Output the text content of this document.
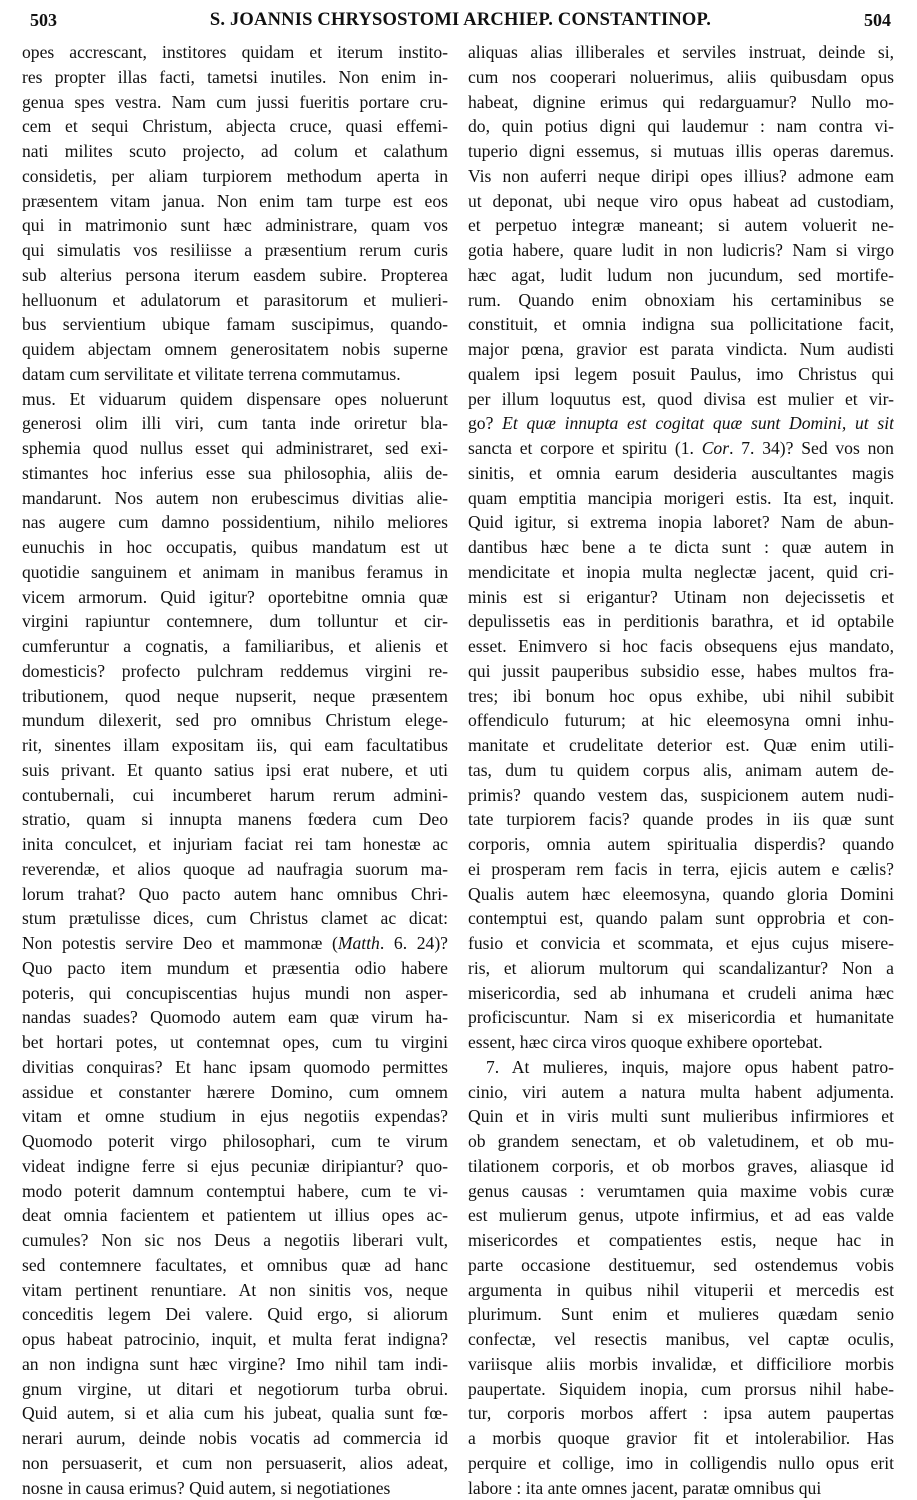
503	S. JOANNIS CHRYSOSTOMI ARCHIEP. CONSTANTINOP.	504
opes accrescant, institores quidam et iterum instito-
res propter illas facti, tametsi inutiles. Non enim in-
genua spes vestra. Nam cum jussi fueritis portare cru-
cem et sequi Christum, abjecta cruce, quasi effemi-
nati milites scuto projecto, ad colum et calathum
considetis, per aliam turpiorem methodum aperta in
præsentem vitam janua. Non enim tam turpe est eos
qui in matrimonio sunt hæc administrare, quam vos
qui simulatis vos resiliisse a præsentium rerum curis
sub alterius persona iterum easdem subire. Propterea
helluonum et adulatorum et parasitorum et mulieri-
bus servientium ubique famam suscipimus, quando-
quidem abjectam omnem generositatem nobis superne
datam cum servilitate et vilitate terrena commutamus.
mus. Et viduarum quidem dispensare opes noluerunt
generosi olim illi viri, cum tanta inde oriretur bla-
sphemia quod nullus esset qui administraret, sed exi-
stimantes hoc inferius esse sua philosophia, aliis de-
mandarunt. Nos autem non erubescimus divitias alie-
nas augere cum damno possidentium, nihilo meliores
eunuchis in hoc occupatis, quibus mandatum est ut
quotidie sanguinem et animam in manibus feramus in
vicem armorum. Quid igitur? oportebitne omnia quæ
virgini rapiuntur contemnere, dum tolluntur et cir-
cumferuntur a cognatis, a familiaribus, et alienis et
domesticis? profecto pulchram reddemus virgini re-
tributionem, quod neque nupserit, neque præsentem
mundum dilexerit, sed pro omnibus Christum elege-
rit, sinentes illam expositam iis, qui eam facultatibus
suis privant. Et quanto satius ipsi erat nubere, et uti
contubernali, cui incumberet harum rerum admini-
stratio, quam si innupta manens fœdera cum Deo
inita conculcet, et injuriam faciat rei tam honestæ ac
reverendæ, et alios quoque ad naufragia suorum ma-
lorum trahat? Quo pacto autem hanc omnibus Chri-
stum prætulisse dices, cum Christus clamet ac dicat:
Non potestis servire Deo et mammonæ (Matth. 6. 24)?
Quo pacto item mundum et præsentia odio habere
poteris, qui concupiscentias hujus mundi non asper-
nandas suades? Quomodo autem eam quæ virum ha-
bet hortari potes, ut contemnat opes, cum tu virgini
divitias conquiras? Et hanc ipsam quomodo permittes
assidue et constanter hærere Domino, cum omnem
vitam et omne studium in ejus negotiis expendas?
Quomodo poterit virgo philosophari, cum te virum
videat indigne ferre si ejus pecuniæ diripiantur? quo-
modo poterit damnum contemptui habere, cum te vi-
deat omnia facientem et patientem ut illius opes ac-
cumules? Non sic nos Deus a negotiis liberari vult,
sed contemnere facultates, et omnibus quæ ad hanc
vitam pertinent renuntiare. At non sinitis vos, neque
conceditis legem Dei valere. Quid ergo, si aliorum
opus habeat patrocinio, inquit, et multa ferat indigna?
an non indigna sunt hæc virgine? Imo nihil tam indi-
gnum virgine, ut ditari et negotiorum turba obrui.
Quid autem, si et alia cum his jubeat, qualia sunt fœ-
nerari aurum, deinde nobis vocatis ad commercia id
non persuaserit, et cum non persuaserit, alios adeat,
nosne in causa erimus? Quid autem, si negotiationes
aliquas alias illiberales et serviles instruat, deinde si,
cum nos cooperari noluerimus, aliis quibusdam opus
habeat, dignine erimus qui redarguamur? Nullo mo-
do, quin potius digni qui laudemur : nam contra vi-
tuperio digni essemus, si mutuas illis operas daremus.
Vis non auferri neque diripi opes illius? admone eam
ut deponat, ubi neque viro opus habeat ad custodiam,
et perpetuo integræ maneant; si autem voluerit ne-
gotia habere, quare ludit in non ludicris? Nam si virgo
hæc agat, ludit ludum non jucundum, sed mortife-
rum. Quando enim obnoxiam his certaminibus se
constituit, et omnia indigna sua pollicitatione facit,
major pœna, gravior est parata vindicta. Num audisti
qualem ipsi legem posuit Paulus, imo Christus qui
per illum loquutus est, quod divisa est mulier et vir-
go? Et quæ innupta est cogitat quæ sunt Domini, ut sit
sancta et corpore et spiritu (1. Cor. 7. 34)? Sed vos non
sinitis, et omnia earum desideria auscultantes magis
quam emptitia mancipia morigeri estis. Ita est, inquit.
Quid igitur, si extrema inopia laboret? Nam de abun-
dantibus hæc bene a te dicta sunt : quæ autem in
mendicitate et inopia multa neglectæ jacent, quid cri-
minis est si erigantur? Utinam non dejecissetis et
depulissetis eas in perditionis barathra, et id optabile
esset. Enimvero si hoc facis obsequens ejus mandato,
qui jussit pauperibus subsidio esse, habes multos fra-
tres; ibi bonum hoc opus exhibe, ubi nihil subibit
offendiculo futurum; at hic eleemosyna omni inhu-
manitate et crudelitate deterior est. Quæ enim utili-
tas, dum tu quidem corpus alis, animam autem de-
primis? quando vestem das, suspicionem autem nudi-
tate turpiorem facis? quande prodes in iis quæ sunt
corporis, omnia autem spiritualia disperdis? quando
ei prosperam rem facis in terra, ejicis autem e cælis?
Qualis autem hæc eleemosyna, quando gloria Domini
contemptui est, quando palam sunt opprobria et con-
fusio et convicia et scommata, et ejus cujus misere-
ris, et aliorum multorum qui scandalizantur? Non a
misericordia, sed ab inhumana et crudeli anima hæc
proficiscuntur. Nam si ex misericordia et humanitate
essent, hæc circa viros quoque exhibere oportebat.
7. At mulieres, inquis, majore opus habent patro-
cinio, viri autem a natura multa habent adjumenta.
Quin et in viris multi sunt mulieribus infirmiores et
ob grandem senectam, et ob valetudinem, et ob mu-
tilationem corporis, et ob morbos graves, aliasque id
genus causas : verumtamen quia maxime vobis curæ
est mulierum genus, utpote infirmius, et ad eas valde
misericordes et compatientes estis, neque hac in
parte occasione destituemur, sed ostendemus vobis
argumenta in quibus nihil vituperii et mercedis est
plurimum. Sunt enim et mulieres quædam senio
confectæ, vel resectis manibus, vel captæ oculis,
variisque aliis morbis invalidæ, et difficiliore morbis
paupertate. Siquidem inopia, cum prorsus nihil habe-
tur, corporis morbos affert : ipsa autem paupertas
a morbis quoque gravior fit et intolerabilior. Has
perquire et collige, imo in colligendis nullo opus erit
labore : ita ante omnes jacent, paratæ omnibus qui
